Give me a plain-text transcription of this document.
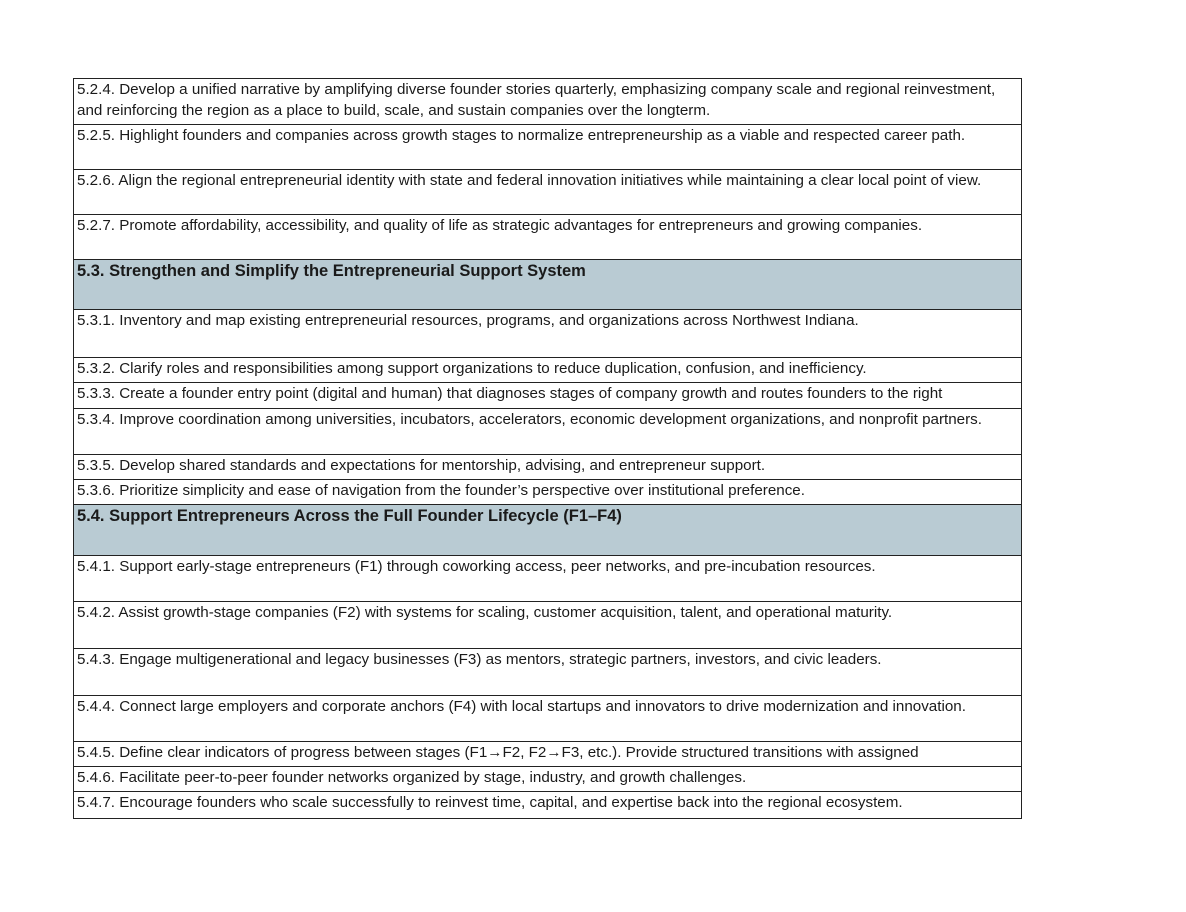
5.2.4. Develop a unified narrative by amplifying diverse founder stories quarterly, emphasizing company scale and regional reinvestment, and reinforcing the region as a place to build, scale, and sustain companies over the longterm.

5.2.5. Highlight founders and companies across growth stages to normalize entrepreneurship as a viable and respected career path.

5.2.6. Align the regional entrepreneurial identity with state and federal innovation initiatives while maintaining a clear local point of view.

5.2.7. Promote affordability, accessibility, and quality of life as strategic advantages for entrepreneurs and growing companies.

5.3. Strengthen and Simplify the Entrepreneurial Support System

5.3.1. Inventory and map existing entrepreneurial resources, programs, and organizations across Northwest Indiana.

5.3.2. Clarify roles and responsibilities among support organizations to reduce duplication, confusion, and inefficiency.

5.3.3. Create a founder entry point (digital and human) that diagnoses stages of company growth and routes founders to the right

5.3.4. Improve coordination among universities, incubators, accelerators, economic development organizations, and nonprofit partners.

5.3.5. Develop shared standards and expectations for mentorship, advising, and entrepreneur support.

5.3.6. Prioritize simplicity and ease of navigation from the founder’s perspective over institutional preference.

5.4. Support Entrepreneurs Across the Full Founder Lifecycle (F1–F4)

5.4.1. Support early-stage entrepreneurs (F1) through coworking access, peer networks, and pre-incubation resources.

5.4.2. Assist growth-stage companies (F2) with systems for scaling, customer acquisition, talent, and operational maturity.

5.4.3. Engage multigenerational and legacy businesses (F3) as mentors, strategic partners, investors, and civic leaders.

5.4.4. Connect large employers and corporate anchors (F4) with local startups and innovators to drive modernization and innovation.

5.4.5. Define clear indicators of progress between stages (F1→F2, F2→F3, etc.). Provide structured transitions with assigned

5.4.6. Facilitate peer-to-peer founder networks organized by stage, industry, and growth challenges.

5.4.7. Encourage founders who scale successfully to reinvest time, capital, and expertise back into the regional ecosystem.
